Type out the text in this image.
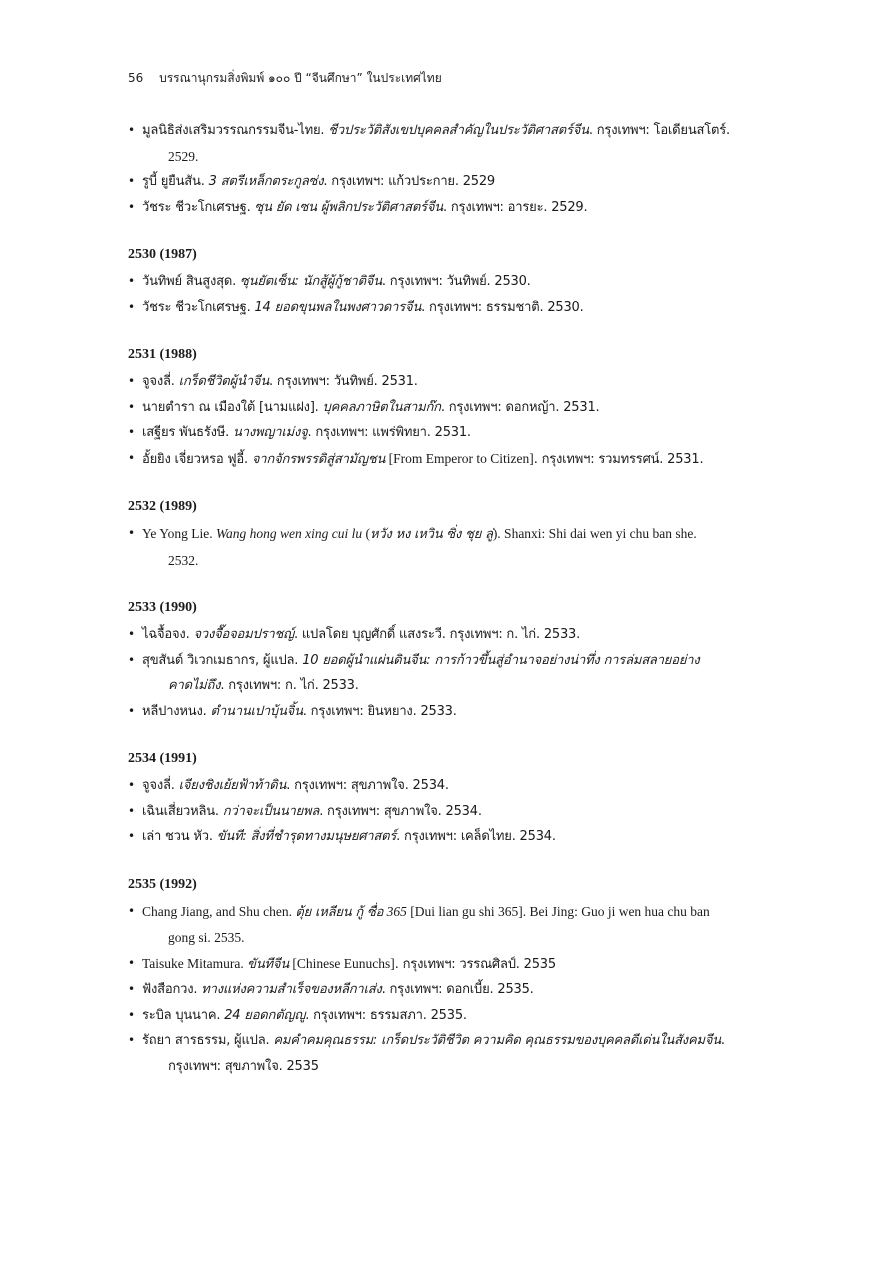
56 บรรณานุกรมสิ่งพิมพ์ ๑๐๐ ปี “จีนศึกษา” ในประเทศไทย
• มูลนิธิส่งเสริมวรรณกรรมจีน-ไทย. ชีวประวัติสังเขปบุคคลสำคัญในประวัติศาสตร์จีน. กรุงเทพฯ: โอเดียนสโตร์.
2529.
• รูบี้ ยูยืนสัน. 3 สตรีเหล็กตระกูลซ่ง. กรุงเทพฯ: แก้วประกาย. 2529
• วัชระ ชีวะโกเศรษฐ. ซุน ยัด เซน ผู้พลิกประวัติศาสตร์จีน. กรุงเทพฯ: อารยะ. 2529.
2530 (1987)
• วันทิพย์ สินสูงสุด. ซุนยัตเซ็น: นักสู้ผู้กู้ชาติจีน. กรุงเทพฯ: วันทิพย์. 2530.
• วัชระ ชีวะโกเศรษฐ. 14 ยอดขุนพลในพงศาวดารจีน. กรุงเทพฯ: ธรรมชาติ. 2530.
2531 (1988)
• จูจงลี่. เกร็ดชีวิตผู้นำจีน. กรุงเทพฯ: วันทิพย์. 2531.
• นายตำรา ณ เมืองใต้ [นามแฝง]. บุคคลภาษิตในสามก๊ก. กรุงเทพฯ: ดอกหญ้า. 2531.
• เสฐียร พันธรังษี. นางพญาเม่งจู. กรุงเทพฯ: แพร่พิทยา. 2531.
• อั้ยยิง เจี่ยวหรอ ฟูอี้. จากจักรพรรดิสู่สามัญชน [From Emperor to Citizen]. กรุงเทพฯ: รวมทรรศน์. 2531.
2532 (1989)
• Ye Yong Lie. Wang hong wen xing cui lu (หวัง หง เหวิน ซิ่ง ชุย ลู่). Shanxi: Shi dai wen yi chu ban she.
2532.
2533 (1990)
• ไฉจื้อจง. จวงจื๊อจอมปราชญ์. แปลโดย บุญศักดิ์ แสงระวี. กรุงเทพฯ: ก. ไก่. 2533.
• สุขสันต์ วิเวกเมธากร, ผู้แปล. 10 ยอดผู้นำแผ่นดินจีน: การก้าวขึ้นสู่อำนาจอย่างน่าทึ่ง การล่มสลายอย่าง
คาดไม่ถึง. กรุงเทพฯ: ก. ไก่. 2533.
• หลีปางหนง. ตำนานเปาบุ้นจิ้น. กรุงเทพฯ: ยินหยาง. 2533.
2534 (1991)
• จูจงลี่. เจียงชิงเย้ยฟ้าท้าดิน. กรุงเทพฯ: สุขภาพใจ. 2534.
• เฉินเสี่ยวหลิน. กว่าจะเป็นนายพล. กรุงเทพฯ: สุขภาพใจ. 2534.
• เล่า ชวน หัว. ขันที: สิ่งที่ชำรุดทางมนุษยศาสตร์. กรุงเทพฯ: เคล็ดไทย. 2534.
2535 (1992)
• Chang Jiang, and Shu chen. ตุ้ย เหลียน กู้ ซื่อ 365 [Dui lian gu shi 365]. Bei Jing: Guo ji wen hua chu ban
gong si. 2535.
• Taisuke Mitamura. ขันทีจีน [Chinese Eunuchs]. กรุงเทพฯ: วรรณศิลป์. 2535
• ฟังสือกวง. ทางแห่งความสำเร็จของหลีกาเส่ง. กรุงเทพฯ: ดอกเบี้ย. 2535.
• ระบิล บุนนาค. 24 ยอดกตัญญู. กรุงเทพฯ: ธรรมสภา. 2535.
• รัถยา สารธรรม, ผู้แปล. คมคำคมคุณธรรม: เกร็ดประวัติชีวิต ความคิด คุณธรรมของบุคคลดีเด่นในสังคมจีน.
กรุงเทพฯ: สุขภาพใจ. 2535
